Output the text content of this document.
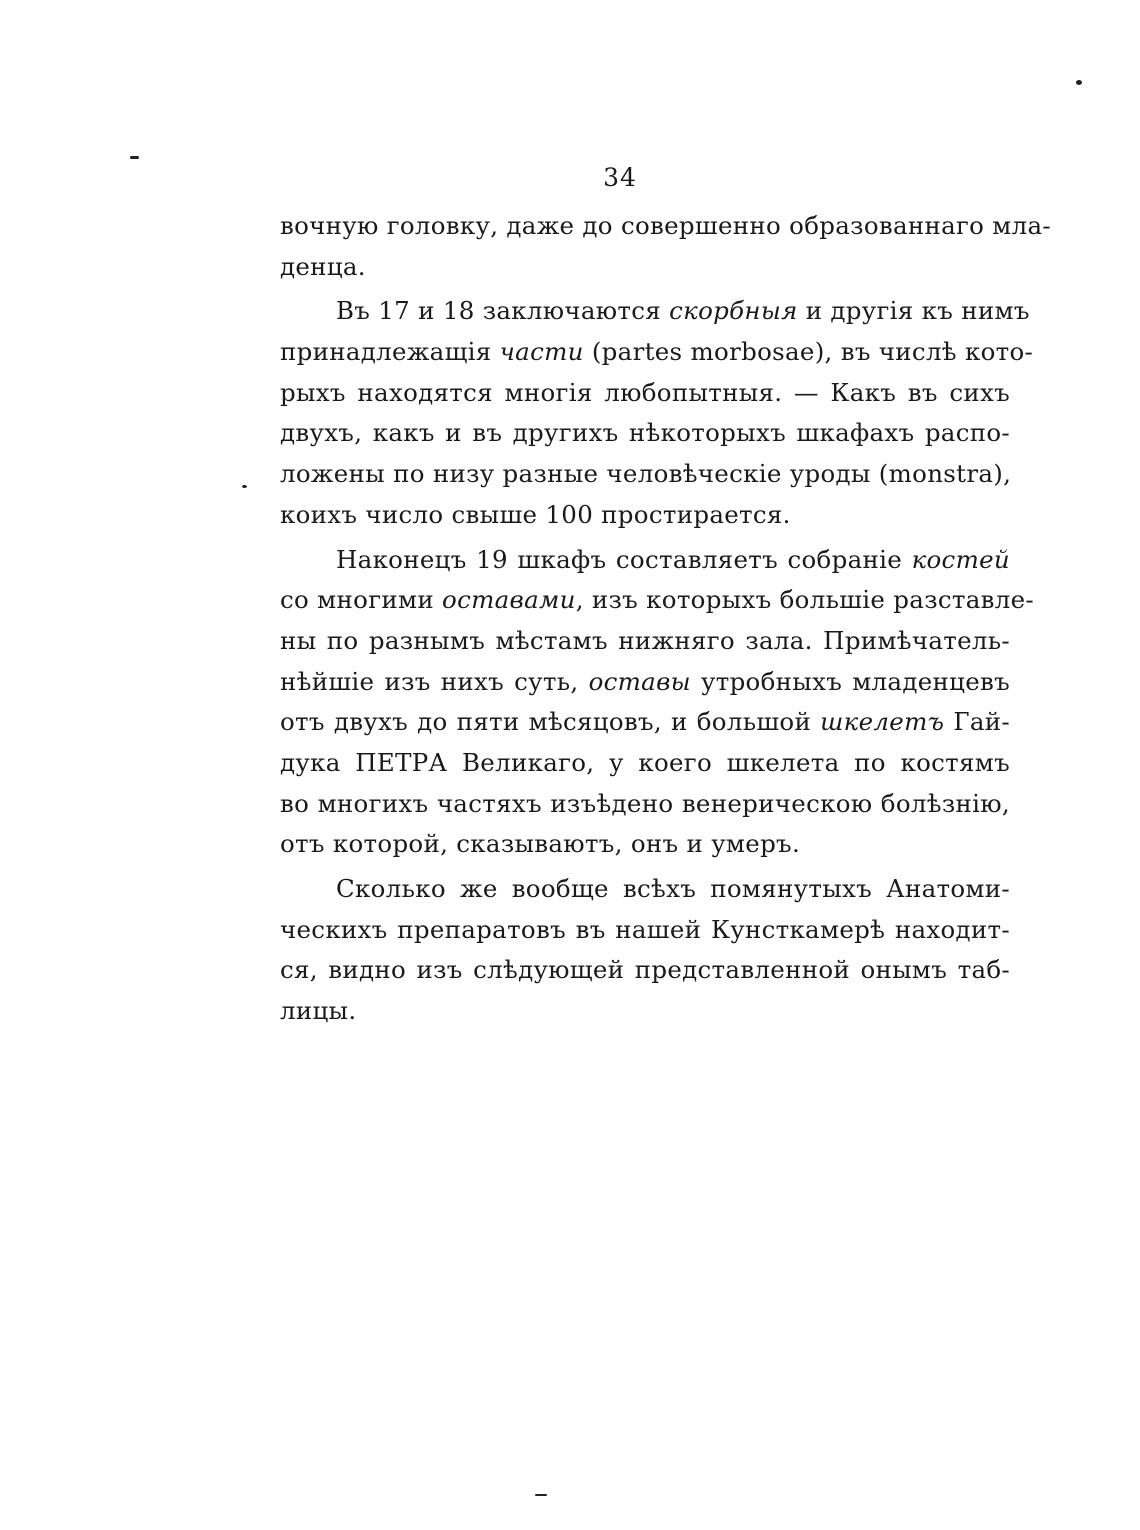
34
вочную головку, даже до совершенно образованнаго мла-
денца.
Въ 17 и 18 заключаются скорбныя и другія къ нимъ
принадлежащія части (partes morbosae), въ числѣ кото-
рыхъ находятся многія любопытныя. — Какъ въ сихъ
двухъ, какъ и въ другихъ нѣкоторыхъ шкафахъ распо-
ложены по низу разные человѣческіе уроды (monstra),
коихъ число свыше 100 простирается.
Наконецъ 19 шкафъ составляетъ собраніе костей
со многими оставами, изъ которыхъ большіе разставле-
ны по разнымъ мѣстамъ нижняго зала. Примѣчатель-
нѣйшіе изъ нихъ суть, оставы утробныхъ младенцевъ
отъ двухъ до пяти мѣсяцовъ, и большой шкелетъ Гай-
дука ПЕТРА Великаго, у коего шкелета по костямъ
во многихъ частяхъ изъѣдено венерическою болѣзнію,
отъ которой, сказываютъ, онъ и умеръ.
Сколько же вообще всѣхъ помянутыхъ Анатоми-
ческихъ препаратовъ въ нашей Кунсткамерѣ находит-
ся, видно изъ слѣдующей представленной онымъ таб-
лицы.
